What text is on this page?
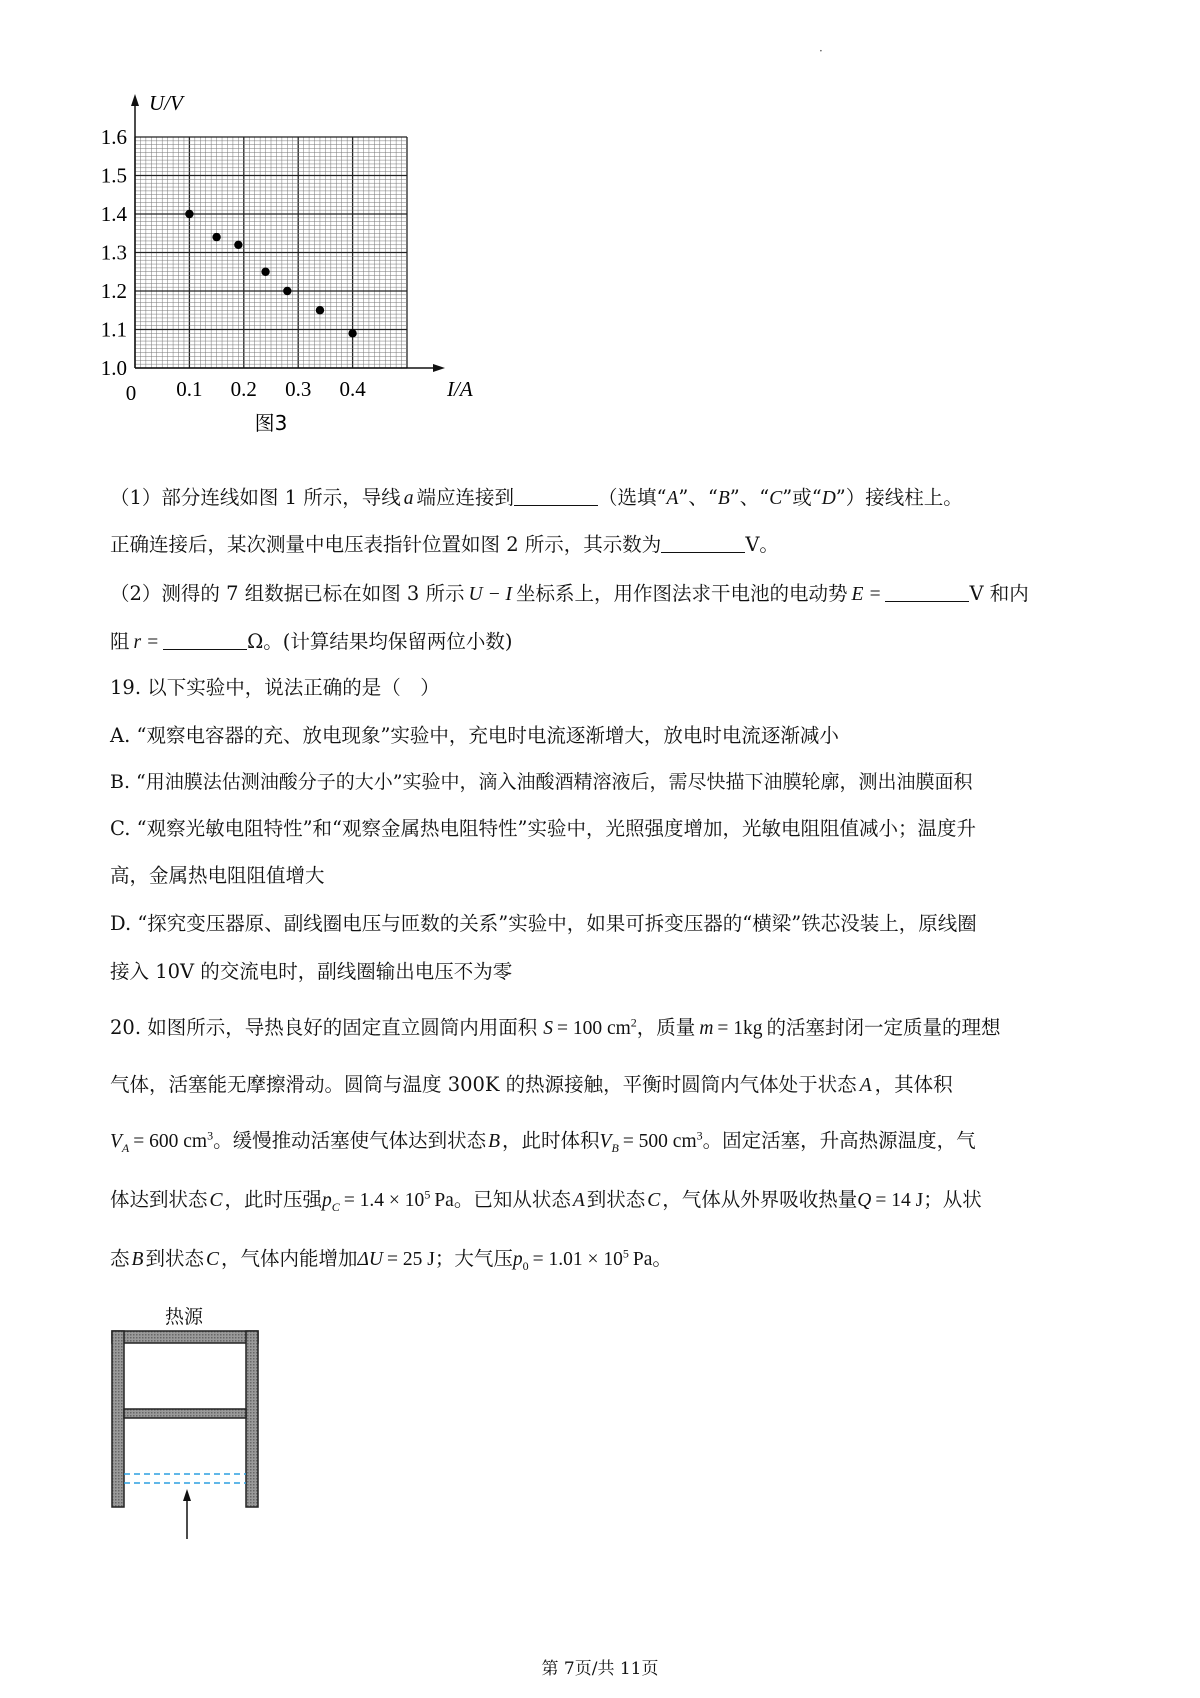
·
1.0
1.1
1.2
1.3
1.4
1.5
1.6
0.1 0.2 0.3 0.4
0
U/V
I/A
图3
（1）部分连线如图 1 所示，导线 a 端应连接到	（选填“A”、“B”、“C”或“D”）接线柱上。
正确连接后，某次测量中电压表指针位置如图 2 所示，其示数为	V。
（2）测得的 7 组数据已标在如图 3 所示 U − I 坐标系上，用作图法求干电池的电动势 E =	V 和内
阻 r =	Ω。(计算结果均保留两位小数)
19. 以下实验中，说法正确的是（　）
A. “观察电容器的充、放电现象”实验中，充电时电流逐渐增大，放电时电流逐渐减小
B. “用油膜法估测油酸分子的大小”实验中，滴入油酸酒精溶液后，需尽快描下油膜轮廓，测出油膜面积
C. “观察光敏电阻特性”和“观察金属热电阻特性”实验中，光照强度增加，光敏电阻阻值减小；温度升
高，金属热电阻阻值增大
D. “探究变压器原、副线圈电压与匝数的关系”实验中，如果可拆变压器的“横梁”铁芯没装上，原线圈
接入 10V 的交流电时，副线圈输出电压不为零
20. 如图所示，导热良好的固定直立圆筒内用面积 S = 100 $cm^2$，质量 m = 1kg 的活塞封闭一定质量的理想
气体，活塞能无摩擦滑动。圆筒与温度 300K 的热源接触，平衡时圆筒内气体处于状态 A ，其体积
$V_A = 600$ $cm^3$。缓慢推动活塞使气体达到状态 B ，此时体积$V_B = 500$ $cm^3$。固定活塞，升高热源温度，气
体达到状态 C ，此时压强$p_C = 1.4 \times 10^5$ Pa。已知从状态 A 到状态 C ，气体从外界吸收热量Q = 14 J；从状
态 B 到状态 C ，气体内能增加ΔU = 25 J；大气压$p_0 = 1.01 \times 10^5$ Pa。
热源
第 7页/共 11页
